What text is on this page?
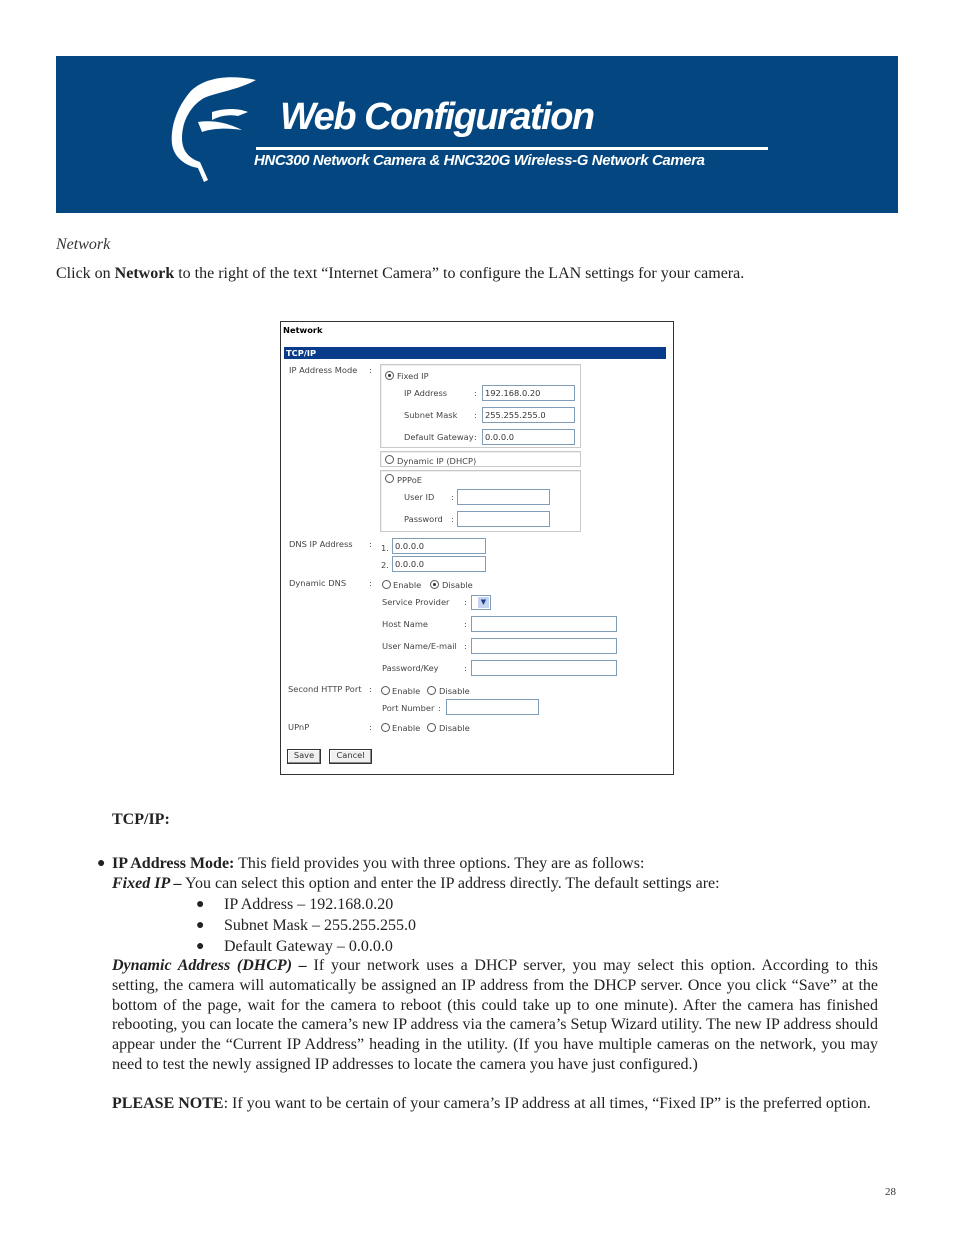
Web Configuration
HNC300 Network Camera & HNC320G Wireless-G Network Camera
Network
Click on Network to the right of the text “Internet Camera” to configure the LAN settings for your camera.
Network
TCP/IP
IP Address Mode :
Fixed IP
IP Address	: 192.168.0.20
Subnet Mask : 255.255.255.0
Default Gateway : 0.0.0.0
Dynamic IP (DHCP)
PPPoE
User ID :
Password :
DNS IP Address : 1. 0.0.0.0
2. 0.0.0.0
Dynamic DNS	:	Enable Disable
Service Provider :	▼
Host Name	:
User Name/E-mail :
Password/Key	:
Second HTTP Port : Enable Disable
Port Number :
UPnP	: Enable Disable
Save	Cancel
TCP/IP:
● IP Address Mode: This field provides you with three options. They are as follows:
Fixed IP – You can select this option and enter the IP address directly. The default settings are:
● IP Address – 192.168.0.20
● Subnet Mask – 255.255.255.0
● Default Gateway – 0.0.0.0
Dynamic Address (DHCP) – If your network uses a DHCP server, you may select this option. According to this setting, the camera will automatically be assigned an IP address from the DHCP server. Once you click “Save” at the bottom of the page, wait for the camera to reboot (this could take up to one minute). After the camera has finished rebooting, you can locate the camera’s new IP address via the camera’s Setup Wizard utility. The new IP address should appear under the “Current IP Address” heading in the utility. (If you have multiple cameras on the network, you may need to test the newly assigned IP addresses to locate the camera you have just configured.)
PLEASE NOTE: If you want to be certain of your camera’s IP address at all times, “Fixed IP” is the preferred option.
28
